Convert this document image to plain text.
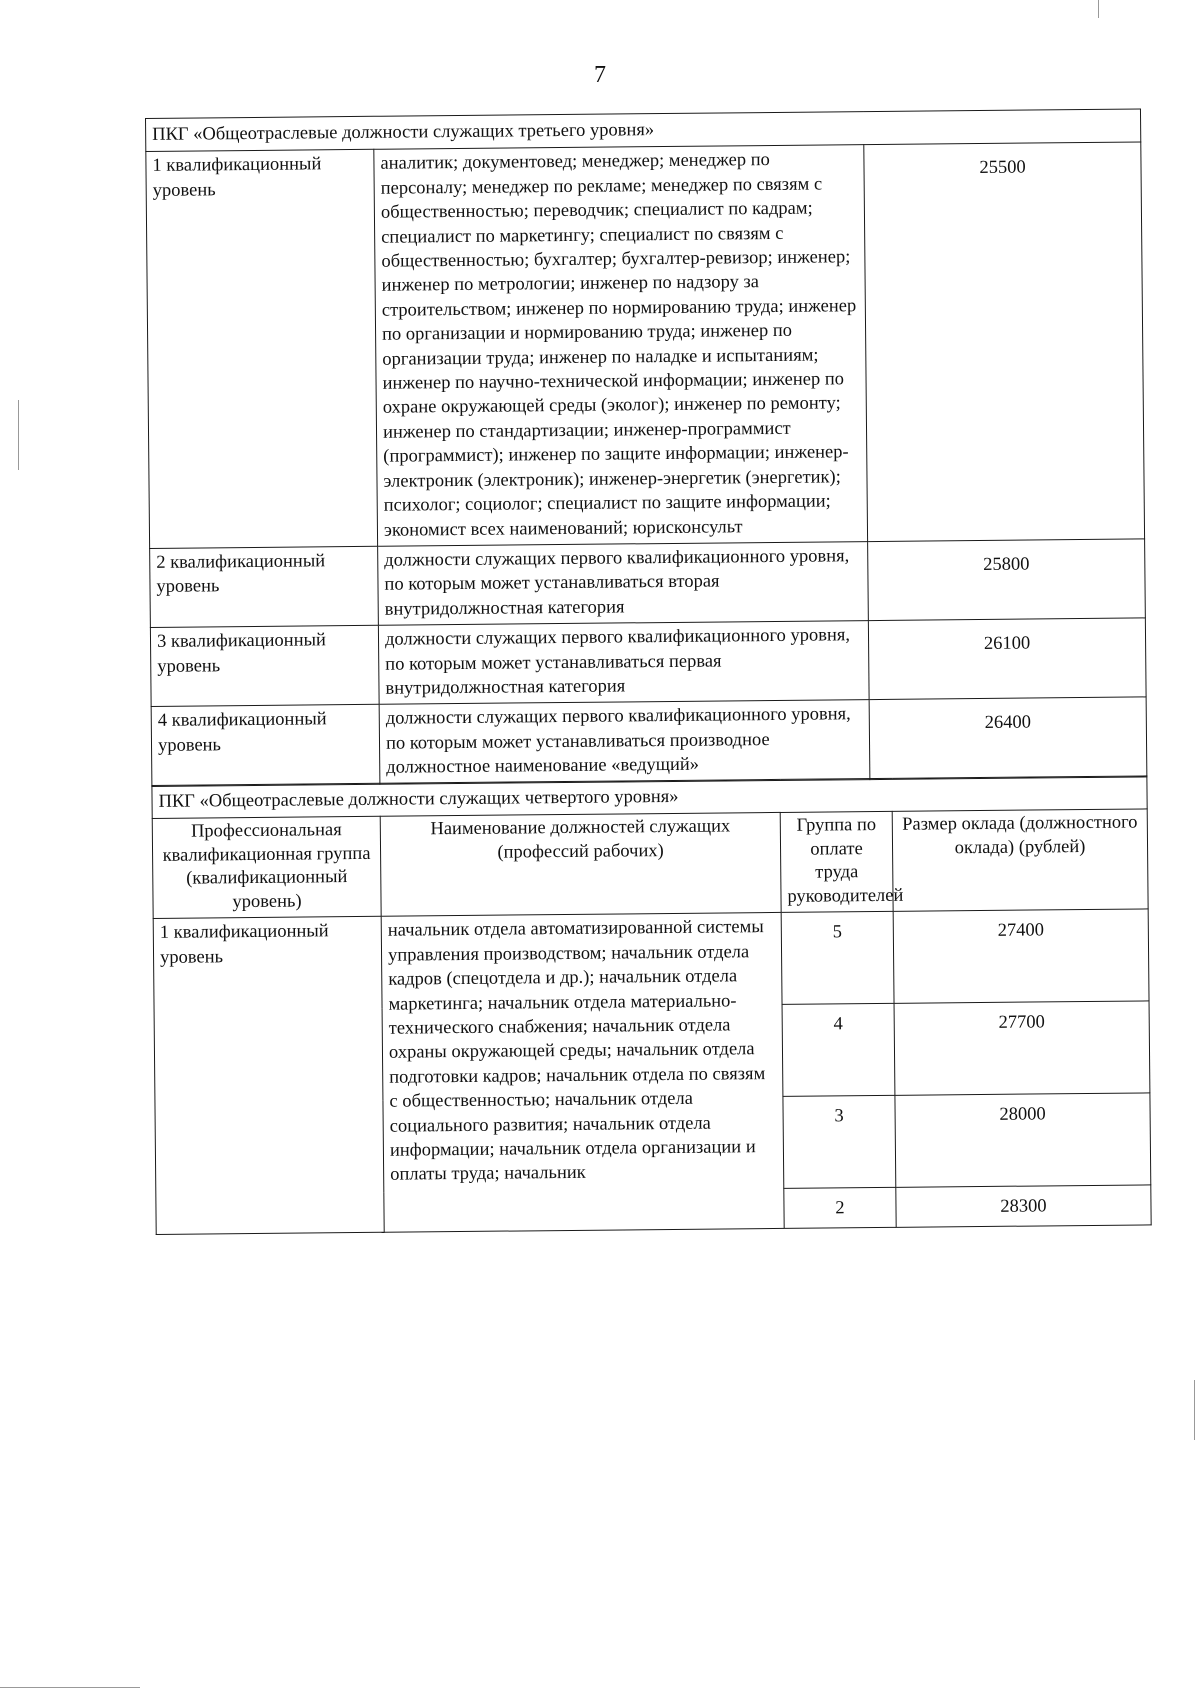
7
ПКГ «Общеотраслевые должности служащих третьего уровня»		
1 квалификационный уровень	аналитик; документовед; менеджер; менеджер по персоналу; менеджер по рекламе; менеджер по связям с общественностью; переводчик; специалист по кадрам; специалист по маркетингу; специалист по связям с общественностью; бухгалтер; бухгалтер-ревизор; инженер; инженер по метрологии; инженер по надзору за строительством; инженер по нормированию труда; инженер по организации и нормированию труда; инженер по организации труда; инженер по наладке и испытаниям; инженер по научно-технической информации; инженер по охране окружающей среды (эколог); инженер по ремонту; инженер по стандартизации; инженер-программист (программист); инженер по защите информации; инженер-электроник (электроник); инженер-энергетик (энергетик); психолог; социолог; специалист по защите информации; экономист всех наименований; юрисконсульт	25500
2 квалификационный уровень	должности служащих первого квалификационного уровня, по которым может устанавливаться вторая внутридолжностная категория	25800
3 квалификационный уровень	должности служащих первого квалификационного уровня, по которым может устанавливаться первая внутридолжностная категория	26100
4 квалификационный уровень	должности служащих первого квалификационного уровня, по которым может устанавливаться производное должностное наименование «ведущий»	26400
ПКГ «Общеотраслевые должности служащих четвертого уровня»			
Профессиональная квалификационная группа (квалификационный уровень)	Наименование должностей служащих (профессий рабочих)	Группа по оплате труда руководителей	Размер оклада (должностного оклада) (рублей)
1 квалификационный уровень	начальник отдела автоматизированной системы управления производством; начальник отдела кадров (спецотдела и др.); начальник отдела маркетинга; начальник отдела материально-технического снабжения; начальник отдела охраны окружающей среды; начальник отдела подготовки кадров; начальник отдела по связям с общественностью; начальник отдела социального развития; начальник отдела информации; начальник отдела организации и оплаты труда; начальник	5	27400
		4	27700
		3	28000
		2	28300
